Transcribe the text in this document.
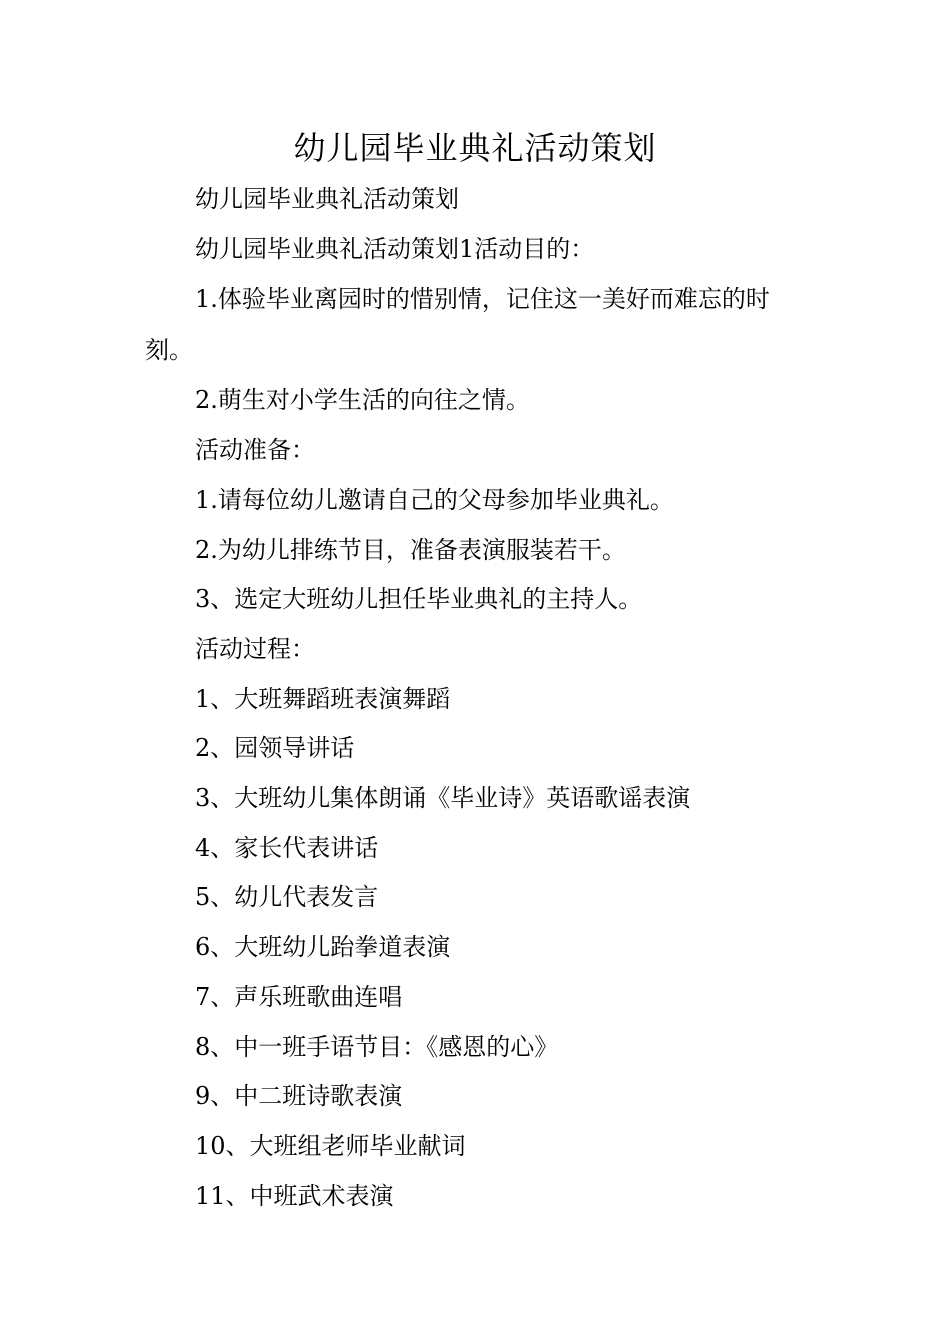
幼儿园毕业典礼活动策划

幼儿园毕业典礼活动策划

幼儿园毕业典礼活动策划1活动目的：

1.体验毕业离园时的惜别情，记住这一美好而难忘的时刻。

2.萌生对小学生活的向往之情。

活动准备：

1.请每位幼儿邀请自己的父母参加毕业典礼。

2.为幼儿排练节目，准备表演服装若干。

3、选定大班幼儿担任毕业典礼的主持人。

活动过程：

1、大班舞蹈班表演舞蹈

2、园领导讲话

3、大班幼儿集体朗诵《毕业诗》英语歌谣表演

4、家长代表讲话

5、幼儿代表发言

6、大班幼儿跆拳道表演

7、声乐班歌曲连唱

8、中一班手语节目：《感恩的心》

9、中二班诗歌表演

10、大班组老师毕业献词

11、中班武术表演
